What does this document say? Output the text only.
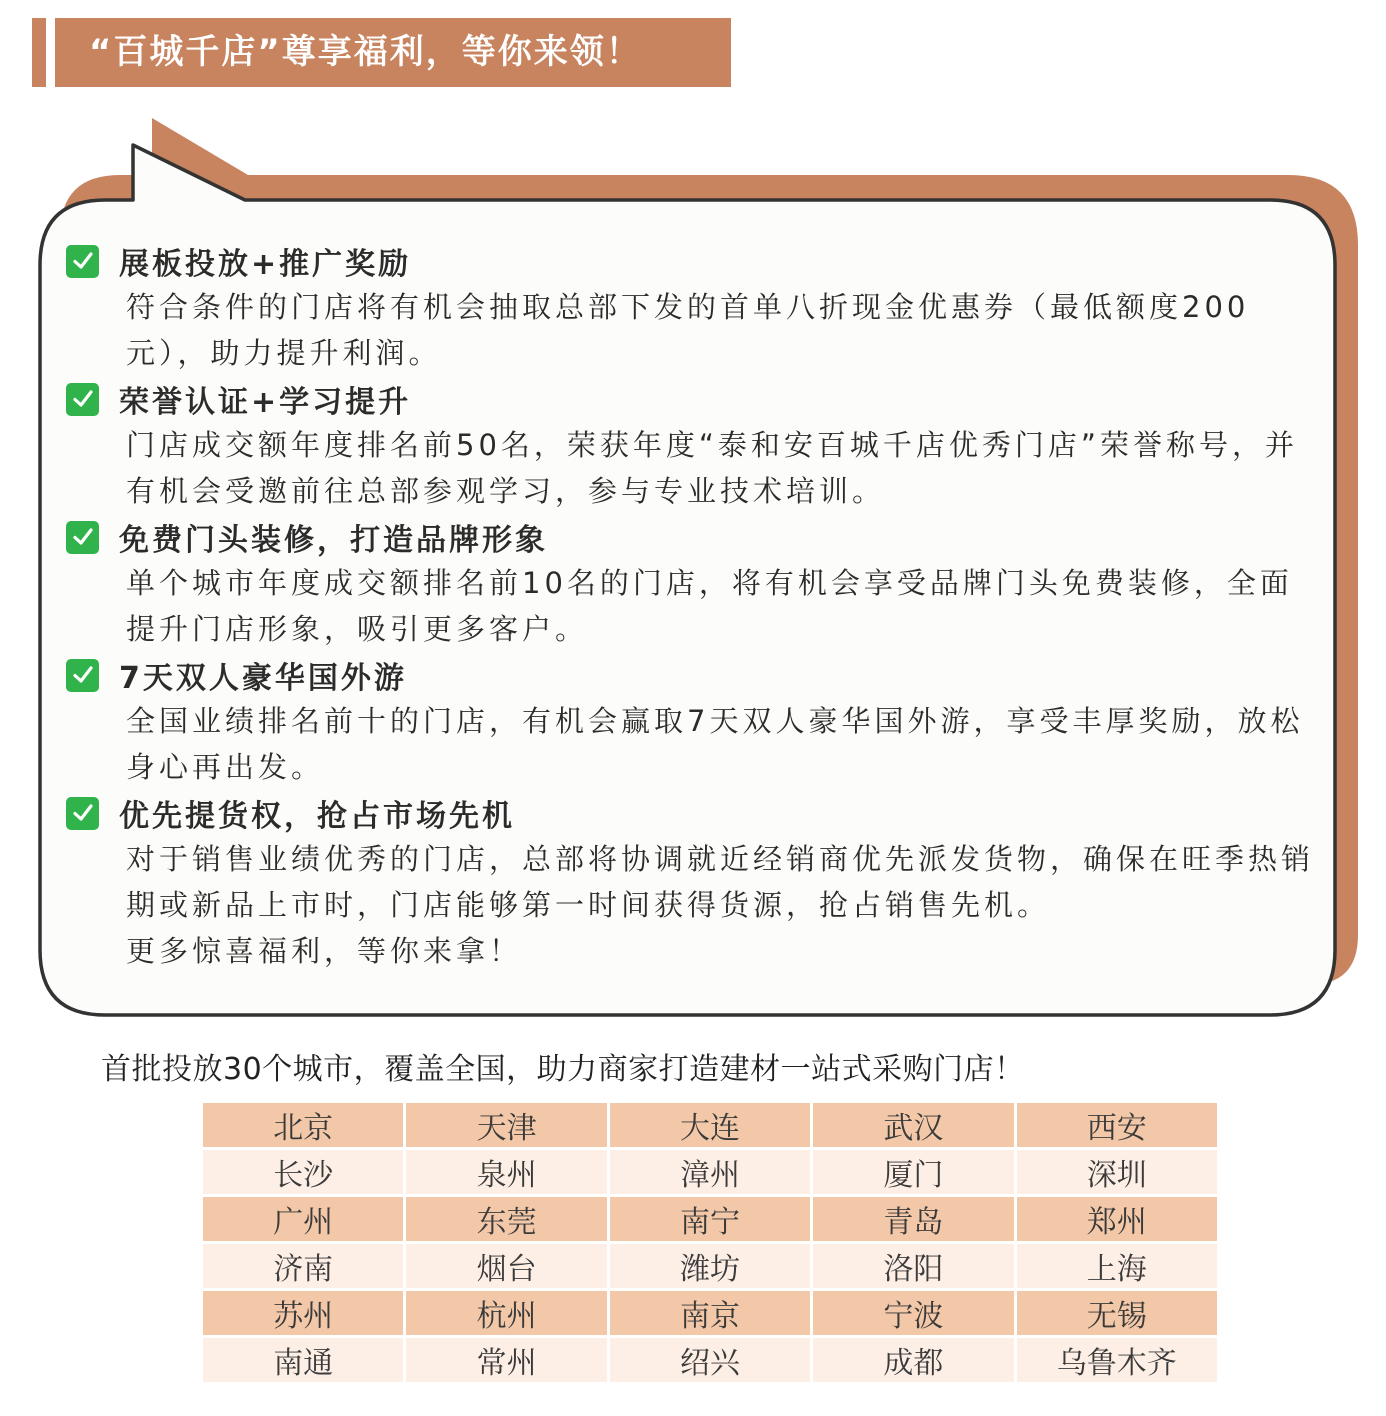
“百城千店”尊享福利，等你来领！
展板投放+推广奖励
符合条件的门店将有机会抽取总部下发的首单八折现金优惠券（最低额度200元），助力提升利润。
荣誉认证+学习提升
门店成交额年度排名前50名，荣获年度“泰和安百城千店优秀门店”荣誉称号，并有机会受邀前往总部参观学习，参与专业技术培训。
免费门头装修，打造品牌形象
单个城市年度成交额排名前10名的门店，将有机会享受品牌门头免费装修，全面提升门店形象，吸引更多客户。
7天双人豪华国外游
全国业绩排名前十的门店，有机会赢取7天双人豪华国外游，享受丰厚奖励，放松身心再出发。
优先提货权，抢占市场先机
对于销售业绩优秀的门店，总部将协调就近经销商优先派发货物，确保在旺季热销期或新品上市时，门店能够第一时间获得货源，抢占销售先机。
更多惊喜福利，等你来拿！
首批投放30个城市，覆盖全国，助力商家打造建材一站式采购门店！
北京	天津	大连	武汉	西安
长沙	泉州	漳州	厦门	深圳
广州	东莞	南宁	青岛	郑州
济南	烟台	潍坊	洛阳	上海
苏州	杭州	南京	宁波	无锡
南通	常州	绍兴	成都	乌鲁木齐
